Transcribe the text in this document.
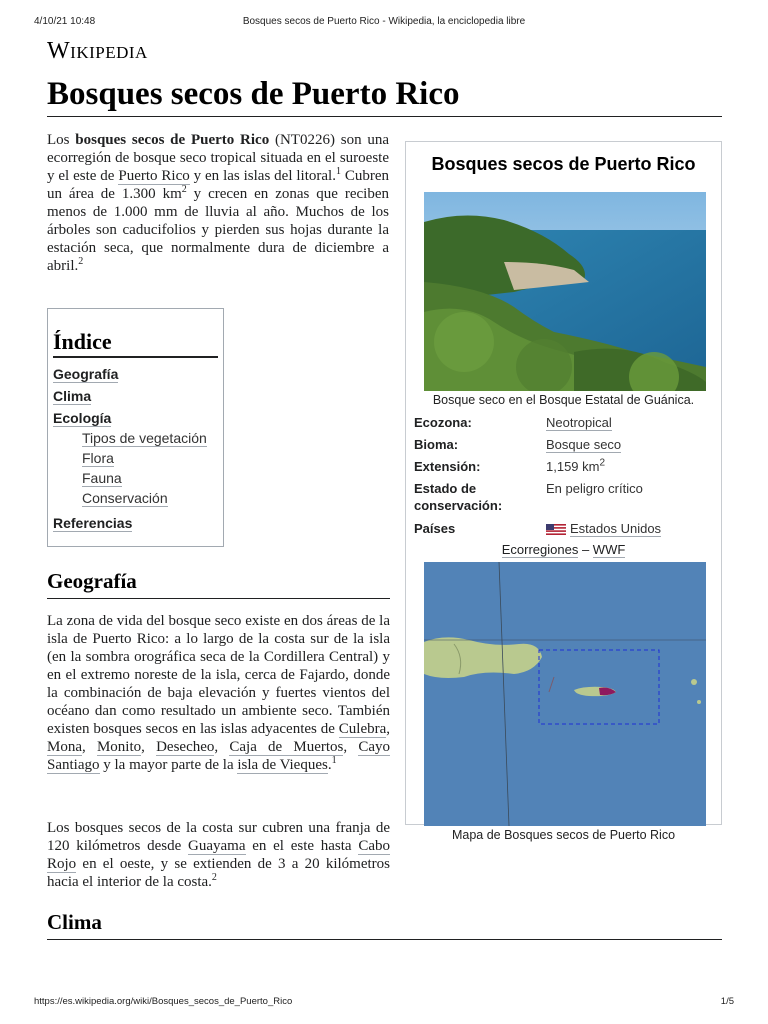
4/10/21 10:48	Bosques secos de Puerto Rico - Wikipedia, la enciclopedia libre
Wikipedia
Bosques secos de Puerto Rico

Los bosques secos de Puerto Rico (NT0226) son una ecorregión de bosque seco tropical situada en el suroeste y el este de Puerto Rico y en las islas del litoral.$^1$ Cubren un área de 1.300 $km^2$ y crecen en zonas que reciben menos de 1.000 mm de lluvia al año. Muchos de los árboles son caducifolios y pierden sus hojas durante la estación seca, que normalmente dura de diciembre a abril.$^2$

Índice
Geografía
Clima
Ecología
Tipos de vegetación
Flora
Fauna
Conservación
Referencias
Geografía

La zona de vida del bosque seco existe en dos áreas de la isla de Puerto Rico: a lo largo de la costa sur de la isla (en la sombra orográfica seca de la Cordillera Central) y en el extremo noreste de la isla, cerca de Fajardo, donde la combinación de baja elevación y fuertes vientos del océano dan como resultado un ambiente seco. También existen bosques secos en las islas adyacentes de Culebra, Mona, Monito, Desecheo, Caja de Muertos, Cayo Santiago y la mayor parte de la isla de Vieques.$^1$

Los bosques secos de la costa sur cubren una franja de 120 kilómetros desde Guayama en el este hasta Cabo Rojo en el oeste, y se extienden de 3 a 20 kilómetros hacia el interior de la costa.$^2$

Clima
Bosques secos de Puerto Rico
Bosque seco en el Bosque Estatal de Guánica.
Ecozona:	Neotropical
Bioma:	Bosque seco
Extensión:	1,159 $km^2$
Estado de conservación:
En peligro crítico
Países	Estados Unidos
Ecorregiones – WWF
Mapa de Bosques secos de Puerto Rico
https://es.wikipedia.org/wiki/Bosques_secos_de_Puerto_Rico	1/5
